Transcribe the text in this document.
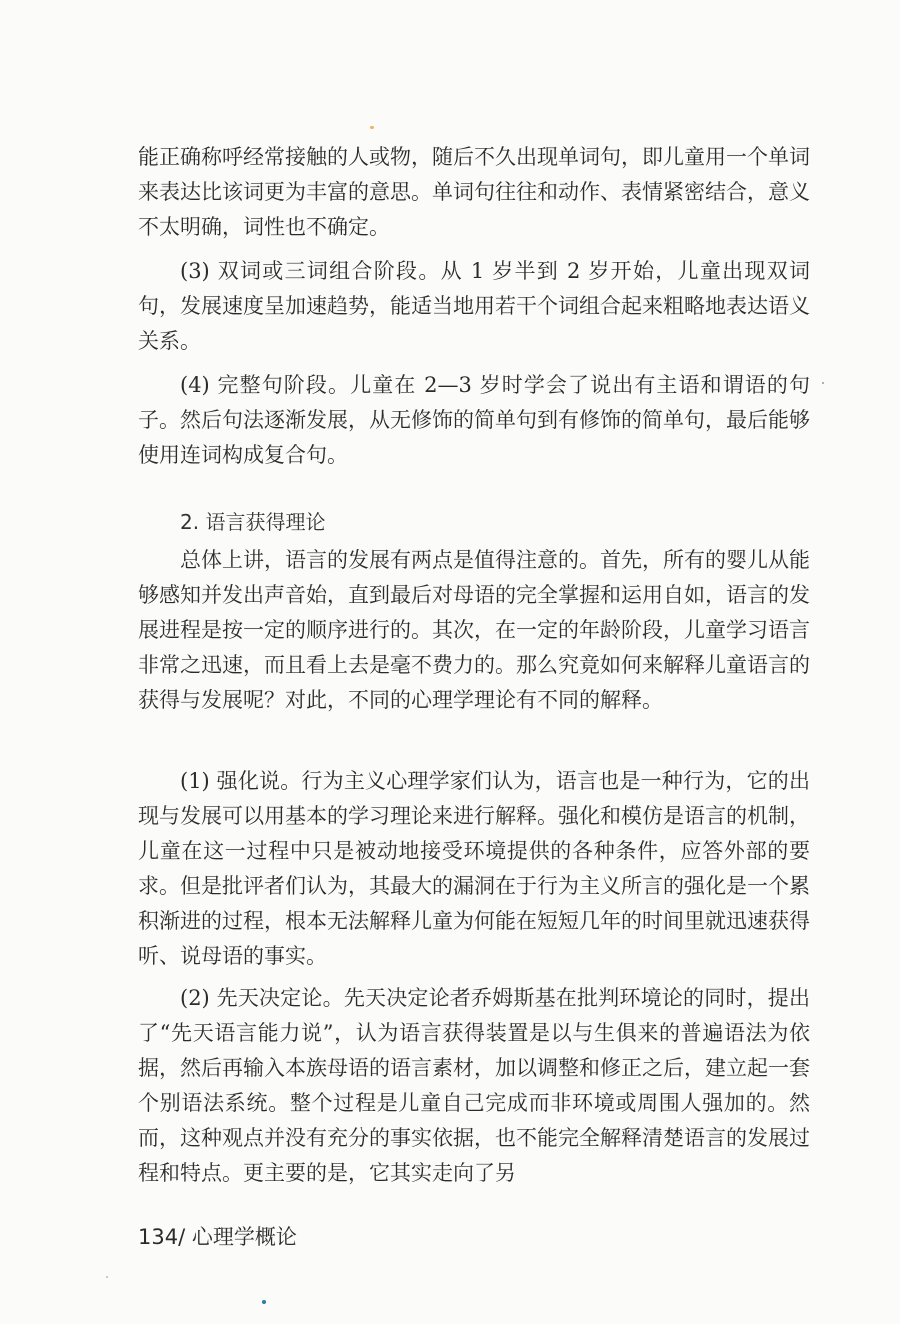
能正确称呼经常接触的人或物，随后不久出现单词句，即儿童用一个单词来表达比该词更为丰富的意思。单词句往往和动作、表情紧密结合，意义不太明确，词性也不确定。

(3) 双词或三词组合阶段。从 1 岁半到 2 岁开始，儿童出现双词句，发展速度呈加速趋势，能适当地用若干个词组合起来粗略地表达语义关系。

(4) 完整句阶段。儿童在 2—3 岁时学会了说出有主语和谓语的句子。然后句法逐渐发展，从无修饰的简单句到有修饰的简单句，最后能够使用连词构成复合句。

2. 语言获得理论

总体上讲，语言的发展有两点是值得注意的。首先，所有的婴儿从能够感知并发出声音始，直到最后对母语的完全掌握和运用自如，语言的发展进程是按一定的顺序进行的。其次，在一定的年龄阶段，儿童学习语言非常之迅速，而且看上去是毫不费力的。那么究竟如何来解释儿童语言的获得与发展呢？对此，不同的心理学理论有不同的解释。

(1) 强化说。行为主义心理学家们认为，语言也是一种行为，它的出现与发展可以用基本的学习理论来进行解释。强化和模仿是语言的机制，儿童在这一过程中只是被动地接受环境提供的各种条件，应答外部的要求。但是批评者们认为，其最大的漏洞在于行为主义所言的强化是一个累积渐进的过程，根本无法解释儿童为何能在短短几年的时间里就迅速获得听、说母语的事实。

(2) 先天决定论。先天决定论者乔姆斯基在批判环境论的同时，提出了“先天语言能力说”，认为语言获得装置是以与生俱来的普遍语法为依据，然后再输入本族母语的语言素材，加以调整和修正之后，建立起一套个别语法系统。整个过程是儿童自己完成而非环境或周围人强加的。然而，这种观点并没有充分的事实依据，也不能完全解释清楚语言的发展过程和特点。更主要的是，它其实走向了另

134/ 心理学概论
